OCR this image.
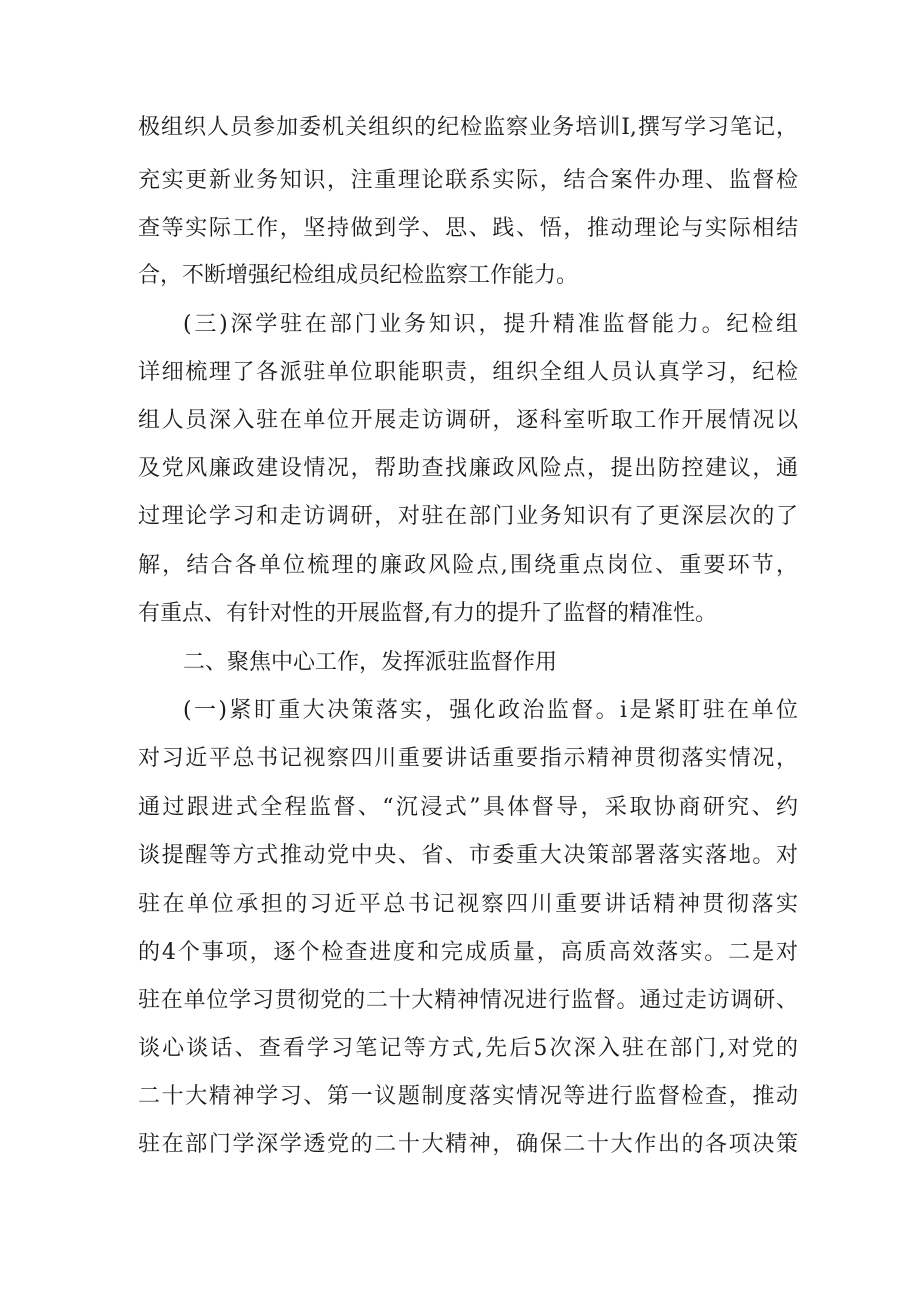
极组织人员参加委机关组织的纪检监察业务培训I,撰写学习笔记，
充实更新业务知识，注重理论联系实际，结合案件办理、监督检
查等实际工作，坚持做到学、思、践、悟，推动理论与实际相结
合，不断增强纪检组成员纪检监察工作能力。
(三)深学驻在部门业务知识，提升精准监督能力。纪检组
详细梳理了各派驻单位职能职责，组织全组人员认真学习，纪检
组人员深入驻在单位开展走访调研，逐科室听取工作开展情况以
及党风廉政建设情况，帮助查找廉政风险点，提出防控建议，通
过理论学习和走访调研，对驻在部门业务知识有了更深层次的了
解，结合各单位梳理的廉政风险点,围绕重点岗位、重要环节，
有重点、有针对性的开展监督,有力的提升了监督的精准性。
二、聚焦中心工作，发挥派驻监督作用
(一)紧盯重大决策落实，强化政治监督。i是紧盯驻在单位
对习近平总书记视察四川重要讲话重要指示精神贯彻落实情况，
通过跟进式全程监督、“沉浸式”具体督导，采取协商研究、约
谈提醒等方式推动党中央、省、市委重大决策部署落实落地。对
驻在单位承担的习近平总书记视察四川重要讲话精神贯彻落实
的4个事项，逐个检查进度和完成质量，高质高效落实。二是对
驻在单位学习贯彻党的二十大精神情况进行监督。通过走访调研、
谈心谈话、查看学习笔记等方式,先后5次深入驻在部门,对党的
二十大精神学习、第一议题制度落实情况等进行监督检查，推动
驻在部门学深学透党的二十大精神，确保二十大作出的各项决策
